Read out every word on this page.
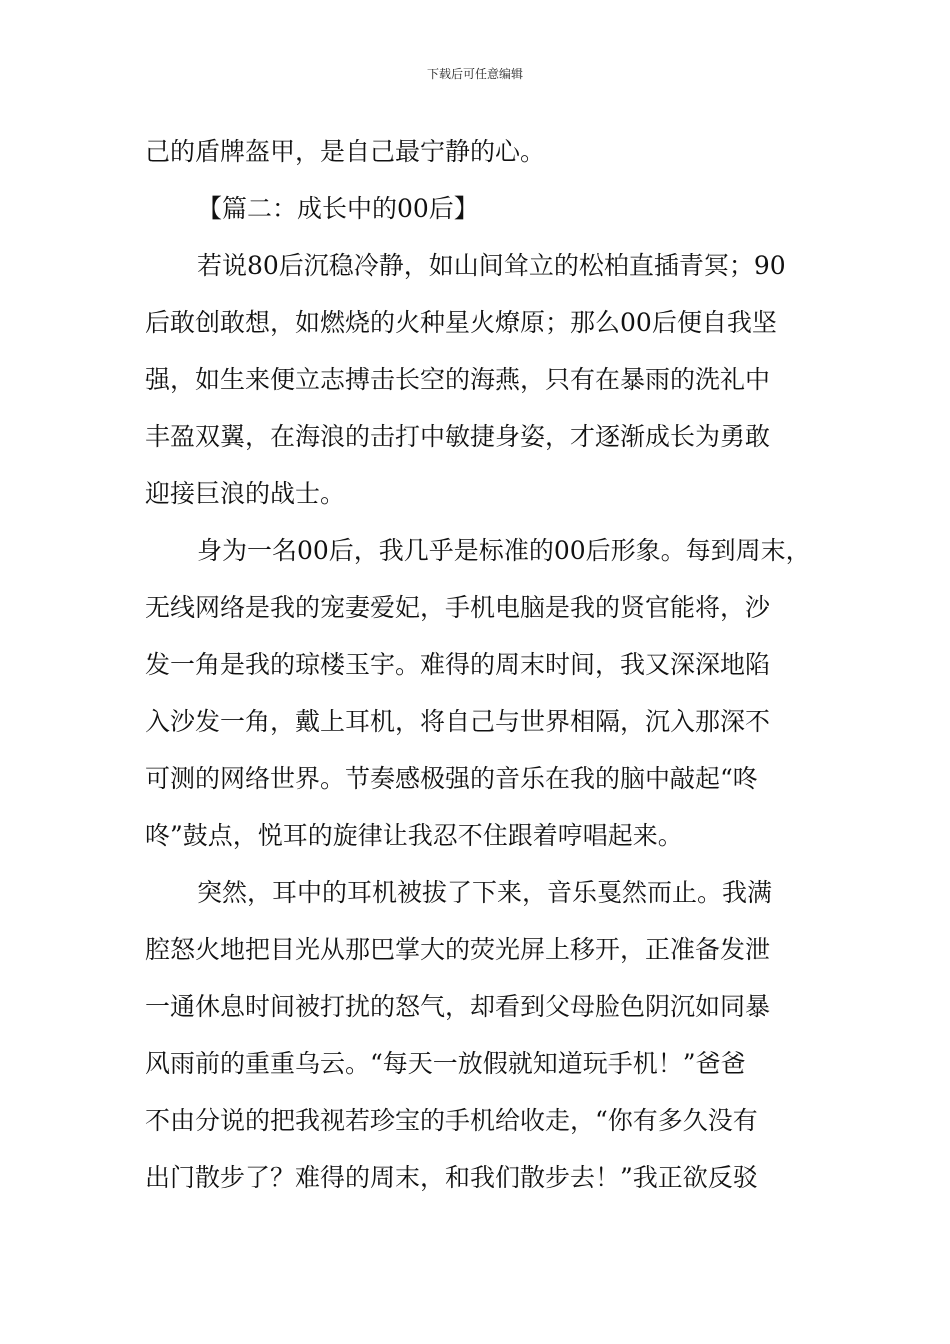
下载后可任意编辑
己的盾牌盔甲，是自己最宁静的心。
【篇二：成长中的00后】
若说80后沉稳冷静，如山间耸立的松柏直插青冥；90
后敢创敢想，如燃烧的火种星火燎原；那么00后便自我坚
强，如生来便立志搏击长空的海燕，只有在暴雨的洗礼中
丰盈双翼，在海浪的击打中敏捷身姿，才逐渐成长为勇敢
迎接巨浪的战士。
身为一名00后，我几乎是标准的00后形象。每到周末，
无线网络是我的宠妻爱妃，手机电脑是我的贤官能将，沙
发一角是我的琼楼玉宇。难得的周末时间，我又深深地陷
入沙发一角，戴上耳机，将自己与世界相隔，沉入那深不
可测的网络世界。节奏感极强的音乐在我的脑中敲起“咚
咚”鼓点，悦耳的旋律让我忍不住跟着哼唱起来。
突然，耳中的耳机被拔了下来，音乐戛然而止。我满
腔怒火地把目光从那巴掌大的荧光屏上移开，正准备发泄
一通休息时间被打扰的怒气，却看到父母脸色阴沉如同暴
风雨前的重重乌云。“每天一放假就知道玩手机！”爸爸
不由分说的把我视若珍宝的手机给收走，“你有多久没有
出门散步了？难得的周末，和我们散步去！”我正欲反驳
